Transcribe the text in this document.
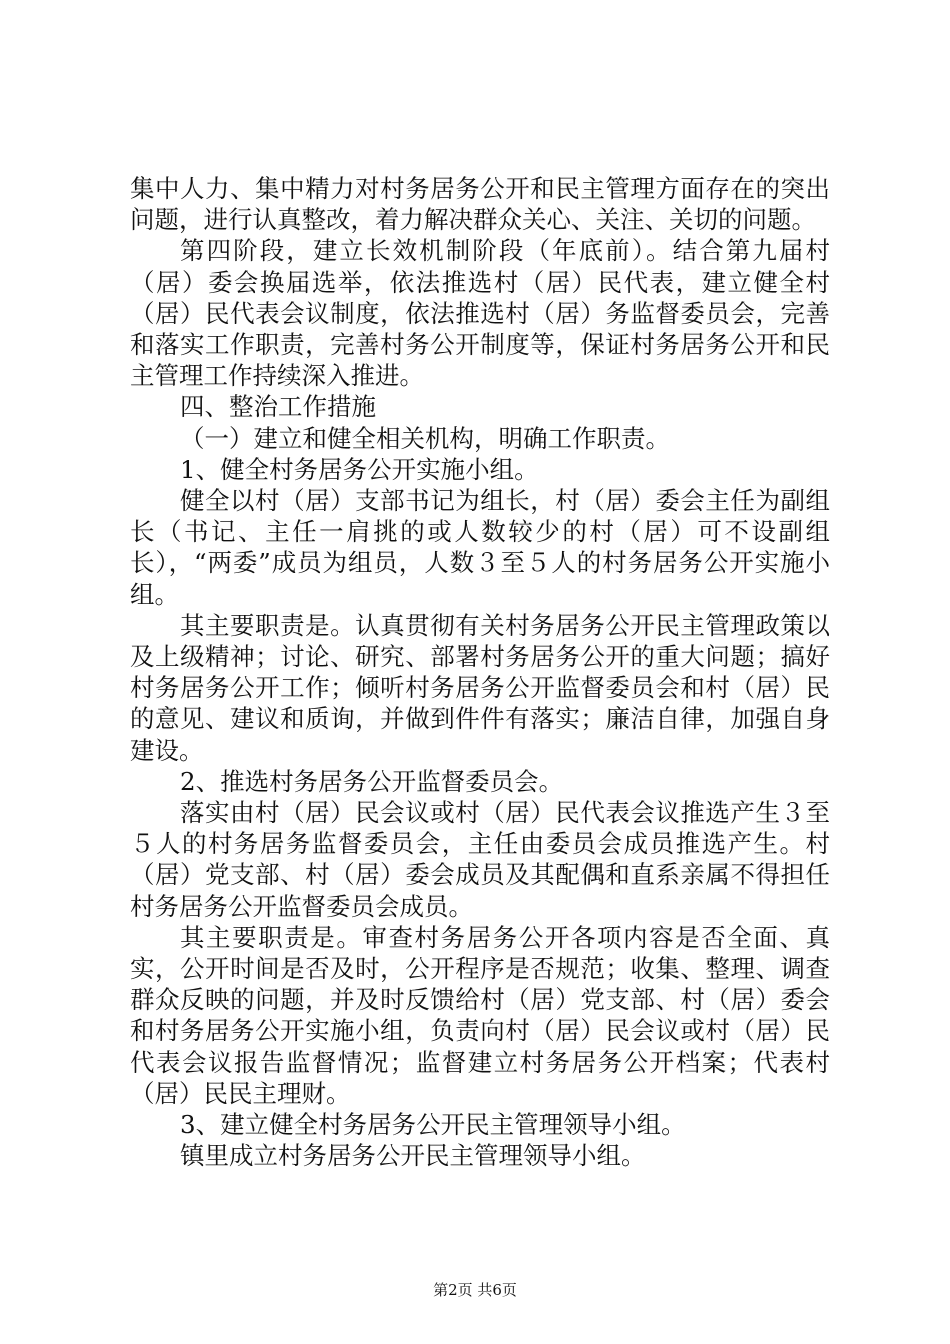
集中人力、集中精力对村务居务公开和民主管理方面存在的突出问题，进行认真整改，着力解决群众关心、关注、关切的问题。

第四阶段，建立长效机制阶段（年底前）。结合第九届村（居）委会换届选举，依法推选村（居）民代表，建立健全村（居）民代表会议制度，依法推选村（居）务监督委员会，完善和落实工作职责，完善村务公开制度等，保证村务居务公开和民主管理工作持续深入推进。

四、整治工作措施

（一）建立和健全相关机构，明确工作职责。

1、健全村务居务公开实施小组。

健全以村（居）支部书记为组长，村（居）委会主任为副组长（书记、主任一肩挑的或人数较少的村（居）可不设副组长），“两委”成员为组员，人数３至５人的村务居务公开实施小组。

其主要职责是。认真贯彻有关村务居务公开民主管理政策以及上级精神；讨论、研究、部署村务居务公开的重大问题；搞好村务居务公开工作；倾听村务居务公开监督委员会和村（居）民的意见、建议和质询，并做到件件有落实；廉洁自律，加强自身建设。

2、推选村务居务公开监督委员会。

落实由村（居）民会议或村（居）民代表会议推选产生３至５人的村务居务监督委员会，主任由委员会成员推选产生。村（居）党支部、村（居）委会成员及其配偶和直系亲属不得担任村务居务公开监督委员会成员。

其主要职责是。审查村务居务公开各项内容是否全面、真实，公开时间是否及时，公开程序是否规范；收集、整理、调查群众反映的问题，并及时反馈给村（居）党支部、村（居）委会和村务居务公开实施小组，负责向村（居）民会议或村（居）民代表会议报告监督情况；监督建立村务居务公开档案；代表村（居）民民主理财。

3、建立健全村务居务公开民主管理领导小组。

镇里成立村务居务公开民主管理领导小组。

第2页 共6页
